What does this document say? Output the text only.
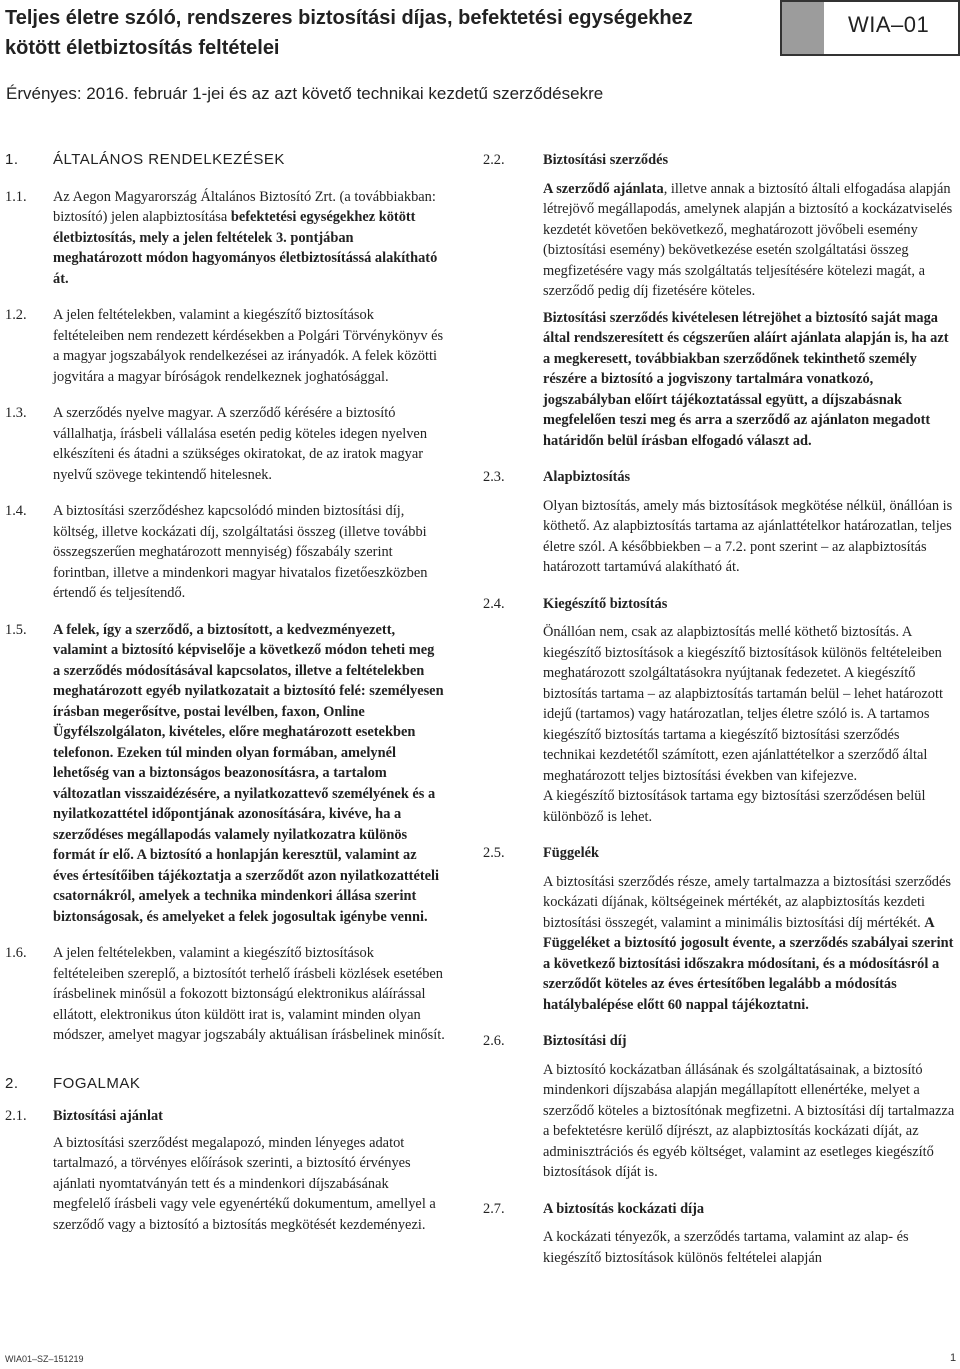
Teljes életre szóló, rendszeres biztosítási díjas, befektetési egységekhez kötött életbiztosítás feltételei
WIA–01
Érvényes: 2016. február 1-jei és az azt követő technikai kezdetű szerződésekre
1.	ÁLTALÁNOS RENDELKEZÉSEK
1.1.	Az Aegon Magyarország Általános Biztosító Zrt. (a továbbiakban: biztosító) jelen alapbiztosítása befektetési egységekhez kötött életbiztosítás, mely a jelen feltételek 3. pontjában meghatározott módon hagyományos életbiztosítássá alakítható át.
1.2.	A jelen feltételekben, valamint a kiegészítő biztosítások feltételeiben nem rendezett kérdésekben a Polgári Törvénykönyv és a magyar jogszabályok rendelkezései az irányadók. A felek közötti jogvitára a magyar bíróságok rendelkeznek joghatósággal.
1.3.	A szerződés nyelve magyar. A szerződő kérésére a biztosító vállalhatja, írásbeli vállalása esetén pedig köteles idegen nyelven elkészíteni és átadni a szükséges okiratokat, de az iratok magyar nyelvű szövege tekintendő hitelesnek.
1.4.	A biztosítási szerződéshez kapcsolódó minden biztosítási díj, költség, illetve kockázati díj, szolgáltatási összeg (illetve további összegszerűen meghatározott mennyiség) főszabály szerint forintban, illetve a mindenkori magyar hivatalos fizetőeszközben értendő és teljesítendő.
1.5.	A felek, így a szerződő, a biztosított, a kedvezményezett, valamint a biztosító képviselője a következő módon teheti meg a szerződés módosításával kapcsolatos, illetve a feltételekben meghatározott egyéb nyilatkozatait a biztosító felé: személyesen írásban megerősítve, postai levélben, faxon, Online Ügyfélszolgálaton, kivételes, előre meghatározott esetekben telefonon. Ezeken túl minden olyan formában, amelynél lehetőség van a biztonságos beazonosításra, a tartalom változatlan visszaidézésére, a nyilatkozattevő személyének és a nyilatkozattétel időpontjának azonosítására, kivéve, ha a szerződéses megállapodás valamely nyilatkozatra különös formát ír elő. A biztosító a honlapján keresztül, valamint az éves értesítőiben tájékoztatja a szerződőt azon nyilatkozattételi csatornákról, amelyek a technika mindenkori állása szerint biztonságosak, és amelyeket a felek jogosultak igénybe venni.
1.6.	A jelen feltételekben, valamint a kiegészítő biztosítások feltételeiben szereplő, a biztosítót terhelő írásbeli közlések esetében írásbelinek minősül a fokozott biztonságú elektronikus aláírással ellátott, elektronikus úton küldött irat is, valamint minden olyan módszer, amelyet magyar jogszabály aktuálisan írásbelinek minősít.
2.	FOGALMAK
2.1.	Biztosítási ajánlat
A biztosítási szerződést megalapozó, minden lényeges adatot tartalmazó, a törvényes előírások szerinti, a biztosító érvényes ajánlati nyomtatványán tett és a mindenkori díjszabásának megfelelő írásbeli vagy vele egyenértékű dokumentum, amellyel a szerződő vagy a biztosító a biztosítás megkötését kezdeményezi.
2.2.	Biztosítási szerződés

A szerződő ajánlata, illetve annak a biztosító általi elfogadása alapján létrejövő megállapodás, amelynek alapján a biztosító a kockázatviselés kezdetét követően bekövetkező, meghatározott jövőbeli esemény (biztosítási esemény) bekövetkezése esetén szolgáltatási összeg megfizetésére vagy más szolgáltatás teljesítésére kötelezi magát, a szerződő pedig díj fizetésére köteles.

Biztosítási szerződés kivételesen létrejöhet a biztosító saját maga által rendszeresített és cégszerűen aláírt ajánlata alapján is, ha azt a megkeresett, továbbiakban szerződőnek tekinthető személy részére a biztosító a jogviszony tartalmára vonatkozó, jogszabályban előírt tájékoztatással együtt, a díjszabásnak megfelelően teszi meg és arra a szerződő az ajánlaton megadott határidőn belül írásban elfogadó választ ad.

2.3.	Alapbiztosítás

Olyan biztosítás, amely más biztosítások megkötése nélkül, önállóan is köthető. Az alapbiztosítás tartama az ajánlattételkor határozatlan, teljes életre szól. A későbbiekben – a 7.2. pont szerint – az alapbiztosítás határozott tartamúvá alakítható át.

2.4.	Kiegészítő biztosítás

Önállóan nem, csak az alapbiztosítás mellé köthető biztosítás. A kiegészítő biztosítások a kiegészítő biztosítások különös feltételeiben meghatározott szolgáltatásokra nyújtanak fedezetet. A kiegészítő biztosítás tartama – az alapbiztosítás tartamán belül – lehet határozott idejű (tartamos) vagy határozatlan, teljes életre szóló is. A tartamos kiegészítő biztosítás tartama a kiegészítő biztosítási szerződés technikai kezdetétől számított, ezen ajánlattételkor a szerződő által meghatározott teljes biztosítási években van kifejezve.

A kiegészítő biztosítások tartama egy biztosítási szerződésen belül különböző is lehet.

2.5.	Függelék

A biztosítási szerződés része, amely tartalmazza a biztosítási szerződés kockázati díjának, költségeinek mértékét, az alapbiztosítás kezdeti biztosítási összegét, valamint a minimális biztosítási díj mértékét. A Függeléket a biztosító jogosult évente, a szerződés szabályai szerint a következő biztosítási időszakra módosítani, és a módosításról a szerződőt köteles az éves értesítőben legalább a módosítás hatálybalépése előtt 60 nappal tájékoztatni.

2.6.	Biztosítási díj

A biztosító kockázatban állásának és szolgáltatásainak, a biztosító mindenkori díjszabása alapján megállapított ellenértéke, melyet a szerződő köteles a biztosítónak megfizetni. A biztosítási díj tartalmazza a befektetésre kerülő díjrészt, az alapbiztosítás kockázati díját, az adminisztrációs és egyéb költséget, valamint az esetleges kiegészítő biztosítások díját is.

2.7.	A biztosítás kockázati díja

A kockázati tényezők, a szerződés tartama, valamint az alap- és kiegészítő biztosítások különös feltételei alapján

WIA01–SZ–151219	1
